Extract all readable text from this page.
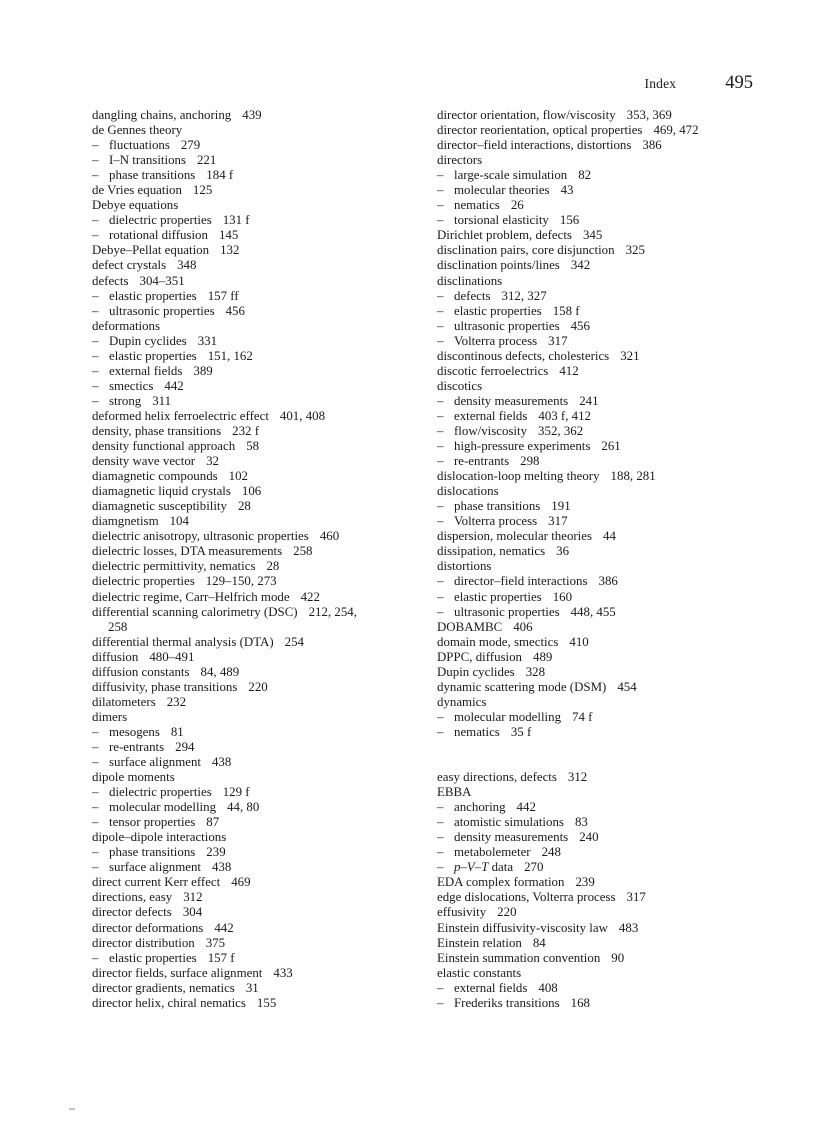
Index	495
dangling chains, anchoring 439
de Gennes theory
– fluctuations 279
– I–N transitions 221
– phase transitions 184 f
de Vries equation 125
Debye equations
– dielectric properties 131 f
– rotational diffusion 145
Debye–Pellat equation 132
defect crystals 348
defects 304–351
– elastic properties 157 ff
– ultrasonic properties 456
deformations
– Dupin cyclides 331
– elastic properties 151, 162
– external fields 389
– smectics 442
– strong 311
deformed helix ferroelectric effect 401, 408
density, phase transitions 232 f
density functional approach 58
density wave vector 32
diamagnetic compounds 102
diamagnetic liquid crystals 106
diamagnetic susceptibility 28
diamgnetism 104
dielectric anisotropy, ultrasonic properties 460
dielectric losses, DTA measurements 258
dielectric permittivity, nematics 28
dielectric properties 129–150, 273
dielectric regime, Carr–Helfrich mode 422
differential scanning calorimetry (DSC) 212, 254,
258
differential thermal analysis (DTA) 254
diffusion 480–491
diffusion constants 84, 489
diffusivity, phase transitions 220
dilatometers 232
dimers
– mesogens 81
– re-entrants 294
– surface alignment 438
dipole moments
– dielectric properties 129 f
– molecular modelling 44, 80
– tensor properties 87
dipole–dipole interactions
– phase transitions 239
– surface alignment 438
direct current Kerr effect 469
directions, easy 312
director defects 304
director deformations 442
director distribution 375
– elastic properties 157 f
director fields, surface alignment 433
director gradients, nematics 31
director helix, chiral nematics 155
director orientation, flow/viscosity 353, 369
director reorientation, optical properties 469, 472
director–field interactions, distortions 386
directors
– large-scale simulation 82
– molecular theories 43
– nematics 26
– torsional elasticity 156
Dirichlet problem, defects 345
disclination pairs, core disjunction 325
disclination points/lines 342
disclinations
– defects 312, 327
– elastic properties 158 f
– ultrasonic properties 456
– Volterra process 317
discontinous defects, cholesterics 321
discotic ferroelectrics 412
discotics
– density measurements 241
– external fields 403 f, 412
– flow/viscosity 352, 362
– high-pressure experiments 261
– re-entrants 298
dislocation-loop melting theory 188, 281
dislocations
– phase transitions 191
– Volterra process 317
dispersion, molecular theories 44
dissipation, nematics 36
distortions
– director–field interactions 386
– elastic properties 160
– ultrasonic properties 448, 455
DOBAMBC 406
domain mode, smectics 410
DPPC, diffusion 489
Dupin cyclides 328
dynamic scattering mode (DSM) 454
dynamics
– molecular modelling 74 f
– nematics 35 f

easy directions, defects 312
EBBA
– anchoring 442
– atomistic simulations 83
– density measurements 240
– metabolemeter 248
– p–V–T data 270
EDA complex formation 239
edge dislocations, Volterra process 317
effusivity 220
Einstein diffusivity-viscosity law 483
Einstein relation 84
Einstein summation convention 90
elastic constants
– external fields 408
– Frederiks transitions 168
